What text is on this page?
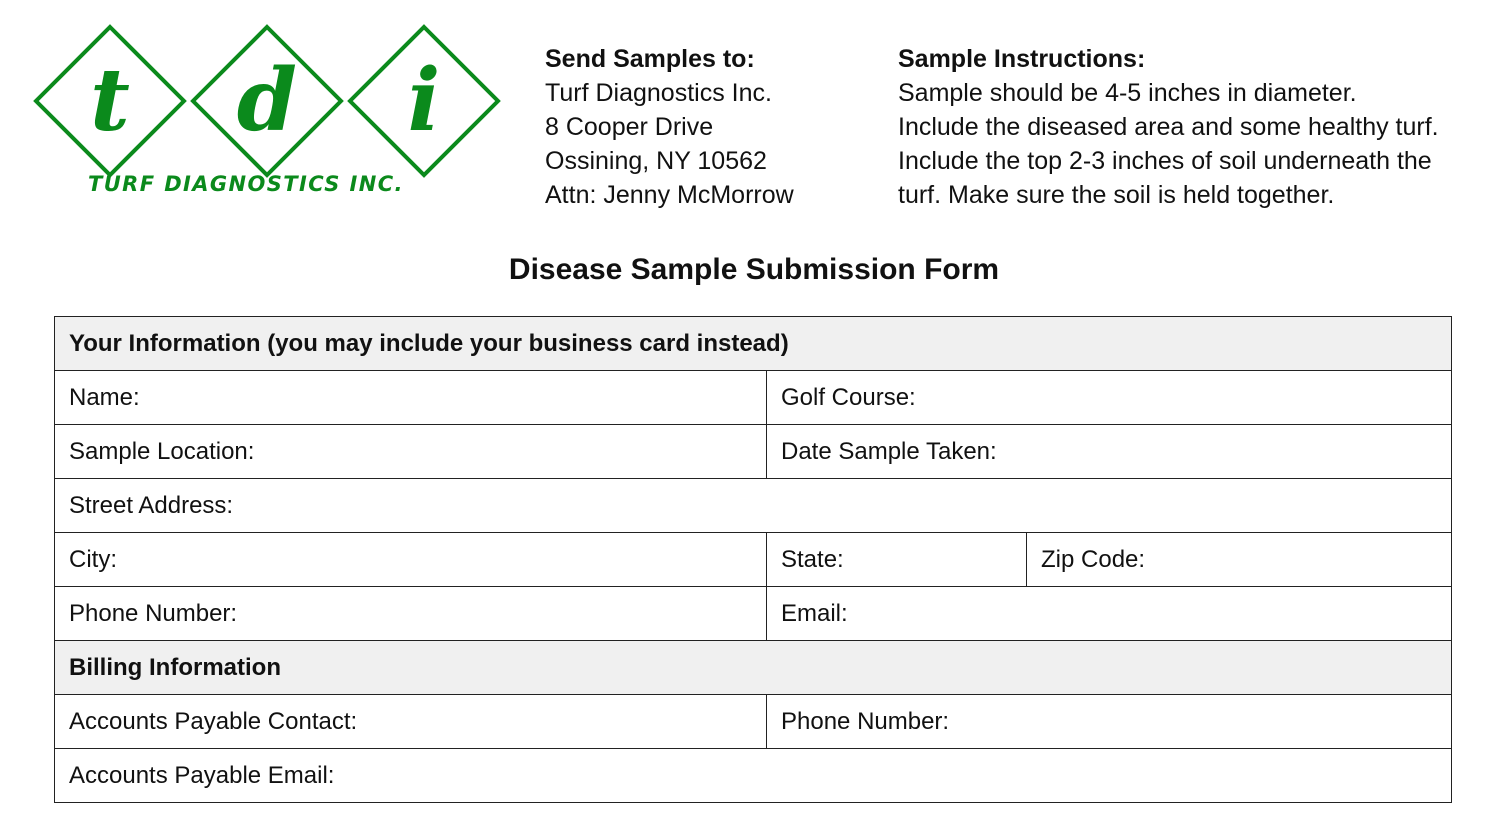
t d i
TURF DIAGNOSTICS INC.
Send Samples to:
Turf Diagnostics Inc.
8 Cooper Drive
Ossining, NY 10562
Attn: Jenny McMorrow
Sample Instructions:
Sample should be 4-5 inches in diameter.
Include the diseased area and some healthy turf.
Include the top 2-3 inches of soil underneath the
turf. Make sure the soil is held together.
Disease Sample Submission Form
Your Information (you may include your business card instead)		
Name:	Golf Course:	
Sample Location:	Date Sample Taken:	
Street Address:		
City:	State:	Zip Code:
Phone Number:	Email:	
Billing Information		
Accounts Payable Contact:	Phone Number:	
Accounts Payable Email:		
